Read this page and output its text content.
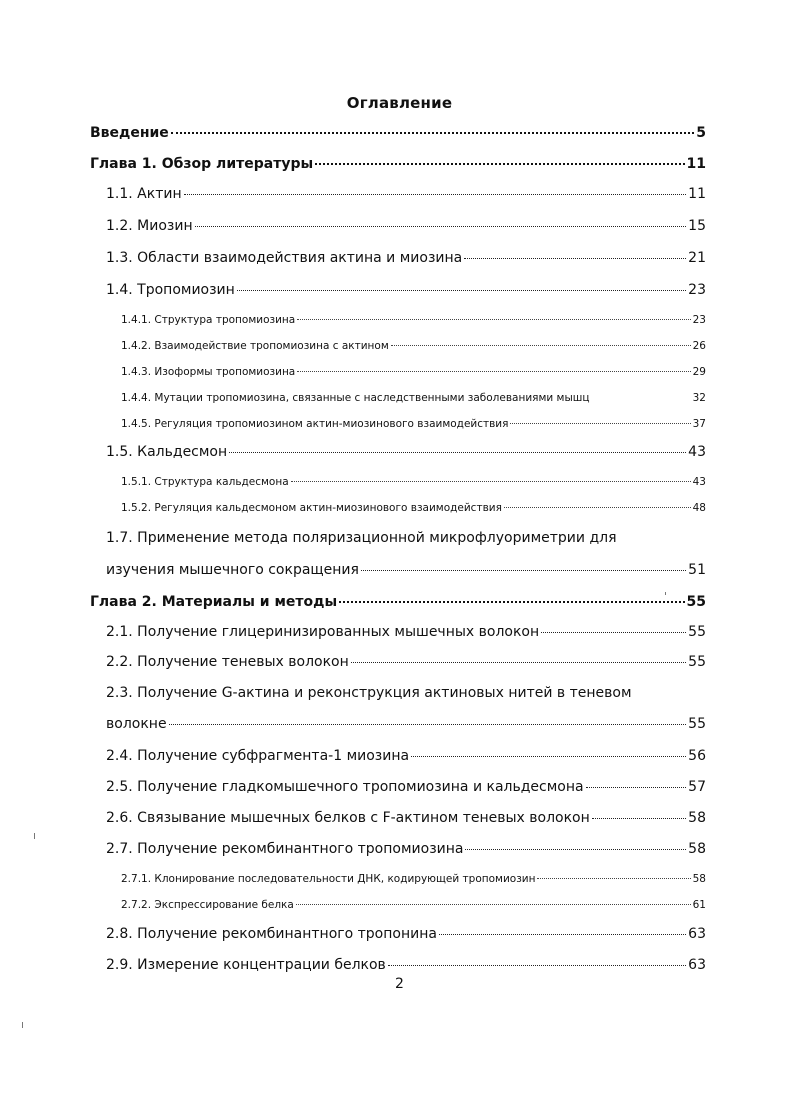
Оглавление
Введение	5
Глава 1. Обзор литературы	11
1.1. Актин	11
1.2. Миозин	15
1.3. Области взаимодействия актина и миозина	21
1.4. Тропомиозин	23
1.4.1. Структура тропомиозина	23
1.4.2. Взаимодействие тропомиозина с актином	26
1.4.3. Изоформы тропомиозина	29
1.4.4. Мутации тропомиозина, связанные с наследственными заболеваниями мышц	32
1.4.5. Регуляция тропомиозином актин-миозинового взаимодействия	37
1.5. Кальдесмон	43
1.5.1. Структура кальдесмона	43
1.5.2. Регуляция кальдесмоном актин-миозинового взаимодействия	48
1.7. Применение метода поляризационной микрофлуориметрии для
изучения мышечного сокращения	51
Глава 2. Материалы и методы	55
2.1. Получение глицеринизированных мышечных волокон	55
2.2. Получение теневых волокон	55
2.3. Получение G-актина и реконструкция актиновых нитей в теневом
волокне	55
2.4. Получение субфрагмента-1 миозина	56
2.5. Получение гладкомышечного тропомиозина и кальдесмона	57
2.6. Связывание мышечных белков с F-актином теневых волокон	58
2.7. Получение рекомбинантного тропомиозина	58
2.7.1. Клонирование последовательности ДНК, кодирующей тропомиозин	58
2.7.2. Экспрессирование белка	61
2.8. Получение рекомбинантного тропонина	63
2.9. Измерение концентрации белков	63
2
